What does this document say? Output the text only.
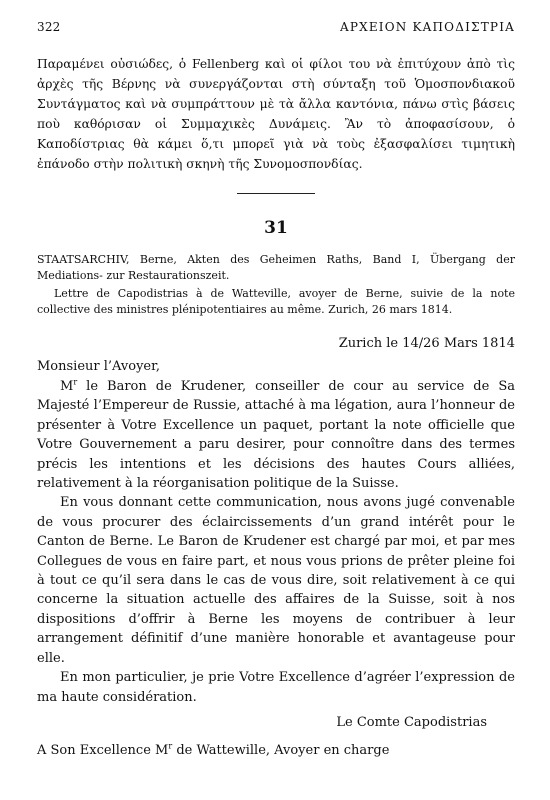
322	ΑΡΧΕΙΟΝ ΚΑΠΟΔΙΣΤΡΙΑ

Παραμένει οὐσιώδες, ὁ Fellenberg καὶ οἱ φίλοι του νὰ ἐπιτύχουν ἀπὸ τὶς ἀρχὲς τῆς Βέρνης νὰ συνεργάζονται στὴ σύνταξη τοῦ Ὁμοσπονδιακοῦ Συντάγματος καὶ νὰ συμπράττουν μὲ τὰ ἄλλα καντόνια, πάνω στὶς βάσεις ποὺ καθόρισαν οἱ Συμμαχικὲς Δυνάμεις. Ἂν τὸ ἀποφασίσουν, ὁ Καποδίστριας θὰ κάμει ὅ,τι μπορεῖ γιὰ νὰ τοὺς ἐξασφαλίσει τιμητικὴ ἐπάνοδο στὴν πολιτικὴ σκηνὴ τῆς Συνομοσπονδίας.

31

STAATSARCHIV, Berne, Akten des Geheimen Raths, Band I, Übergang der Mediations- zur Restaurationszeit.

Lettre de Capodistrias à de Watteville, avoyer de Berne, suivie de la note collective des ministres plénipotentiaires au même. Zurich, 26 mars 1814.

Zurich le 14/26 Mars 1814
Monsieur l’Avoyer,

$M^r$ le Baron de Krudener, conseiller de cour au service de Sa Majesté l’Empereur de Russie, attaché à ma légation, aura l’honneur de présenter à Votre Excellence un paquet, portant la note officielle que Votre Gouvernement a paru desirer, pour connoître dans des termes précis les intentions et les décisions des hautes Cours alliées, relativement à la réorganisation politique de la Suisse.

En vous donnant cette communication, nous avons jugé convenable de vous procurer des éclaircissements d’un grand intérêt pour le Canton de Berne. Le Baron de Krudener est chargé par moi, et par mes Collegues de vous en faire part, et nous vous prions de prêter pleine foi à tout ce qu’il sera dans le cas de vous dire, soit relativement à ce qui concerne la situation actuelle des affaires de la Suisse, soit à nos dispositions d’offrir à Berne les moyens de contribuer à leur arrangement définitif d’une manière honorable et avantageuse pour elle.

En mon particulier, je prie Votre Excellence d’agréer l’expression de ma haute considération.

Le Comte Capodistrias
A Son Excellence $M^r$ de Wattewille, Avoyer en charge
